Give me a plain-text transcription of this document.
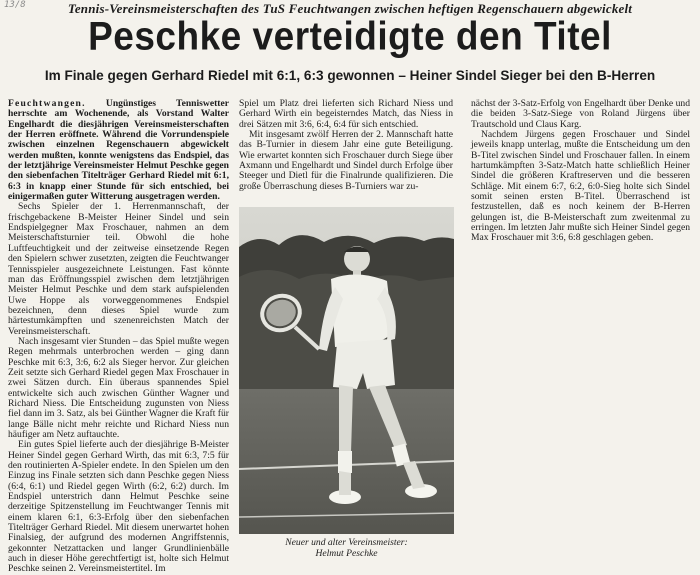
13/8	Tennis-Vereinsmeisterschaften des TuS Feuchtwangen zwischen heftigen Regenschauern abgewickelt
Peschke verteidigte den Titel
Im Finale gegen Gerhard Riedel mit 6:1, 6:3 gewonnen – Heiner Sindel Sieger bei den B-Herren

Feuchtwangen. Ungünstiges Tenniswetter herrschte am Wochenende, als Vorstand Walter Engelhardt die diesjährigen Vereinsmeisterschaften der Herren eröffnete. Während die Vorrundenspiele zwischen einzelnen Regenschauern abgewickelt werden mußten, konnte wenigstens das Endspiel, das der letztjährige Vereinsmeister Helmut Peschke gegen den siebenfachen Titelträger Gerhard Riedel mit 6:1, 6:3 in knapp einer Stunde für sich entschied, bei einigermaßen guter Witterung ausgetragen werden.

Sechs Spieler der 1. Herrenmannschaft, der frischgebackene B-Meister Heiner Sindel und sein Endspielgegner Max Froschauer, nahmen an dem Meisterschaftsturnier teil. Obwohl die hohe Luftfeuchtigkeit und der zeitweise einsetzende Regen den Spielern schwer zusetzten, zeigten die Feuchtwanger Tennisspieler ausgezeichnete Leistungen. Fast könnte man das Eröffnungsspiel zwischen dem letztjährigen Meister Helmut Peschke und dem stark aufspielenden Uwe Hoppe als vorweggenommenes Endspiel bezeichnen, denn dieses Spiel wurde zum härtestumkämpften und szenenreichsten Match der Vereinsmeisterschaft.

Nach insgesamt vier Stunden – das Spiel mußte wegen Regen mehrmals unterbrochen werden – ging dann Peschke mit 6:3, 3:6, 6:2 als Sieger hervor. Zur gleichen Zeit setzte sich Gerhard Riedel gegen Max Froschauer in zwei Sätzen durch. Ein überaus spannendes Spiel entwickelte sich auch zwischen Günther Wagner und Richard Niess. Die Entscheidung zugunsten von Niess fiel dann im 3. Satz, als bei Günther Wagner die Kraft für lange Bälle nicht mehr reichte und Richard Niess nun häufiger am Netz auftauchte.

Ein gutes Spiel lieferte auch der diesjährige B-Meister Heiner Sindel gegen Gerhard Wirth, das mit 6:3, 7:5 für den routinierten A-Spieler endete. In den Spielen um den Einzug ins Finale setzten sich dann Peschke gegen Niess (6:4, 6:1) und Riedel gegen Wirth (6:2, 6:2) durch. Im Endspiel unterstrich dann Helmut Peschke seine derzeitige Spitzenstellung im Feuchtwanger Tennis mit einem klaren 6:1, 6:3-Erfolg über den siebenfachen Titelträger Gerhard Riedel. Mit diesem unerwartet hohen Finalsieg, der aufgrund des modernen Angriffstennis, gekonnter Netzattacken und langer Grundlinienbälle auch in dieser Höhe gerechtfertigt ist, holte sich Helmut Peschke seinen 2. Vereinsmeistertitel. Im

Spiel um Platz drei lieferten sich Richard Niess und Gerhard Wirth ein begeisterndes Match, das Niess in drei Sätzen mit 3:6, 6:4, 6:4 für sich entschied.

Mit insgesamt zwölf Herren der 2. Mannschaft hatte das B-Turnier in diesem Jahr eine gute Beteiligung. Wie erwartet konnten sich Froschauer durch Siege über Axmann und Engelhardt und Sindel durch Erfolge über Steeger und Dietl für die Finalrunde qualifizieren. Die große Überraschung dieses B-Turniers war zu-

Neuer und alter Vereinsmeister:
Helmut Peschke

nächst der 3-Satz-Erfolg von Engelhardt über Denke und die beiden 3-Satz-Siege von Roland Jürgens über Trautschold und Claus Karg.

Nachdem Jürgens gegen Froschauer und Sindel jeweils knapp unterlag, mußte die Entscheidung um den B-Titel zwischen Sindel und Froschauer fallen. In einem hartumkämpften 3-Satz-Match hatte schließlich Heiner Sindel die größeren Kraftreserven und die besseren Schläge. Mit einem 6:7, 6:2, 6:0-Sieg holte sich Sindel somit seinen ersten B-Titel. Überraschend ist festzustellen, daß es noch keinem der B-Herren gelungen ist, die B-Meisterschaft zum zweitenmal zu erringen. Im letzten Jahr mußte sich Heiner Sindel gegen Max Froschauer mit 3:6, 6:8 geschlagen geben.
